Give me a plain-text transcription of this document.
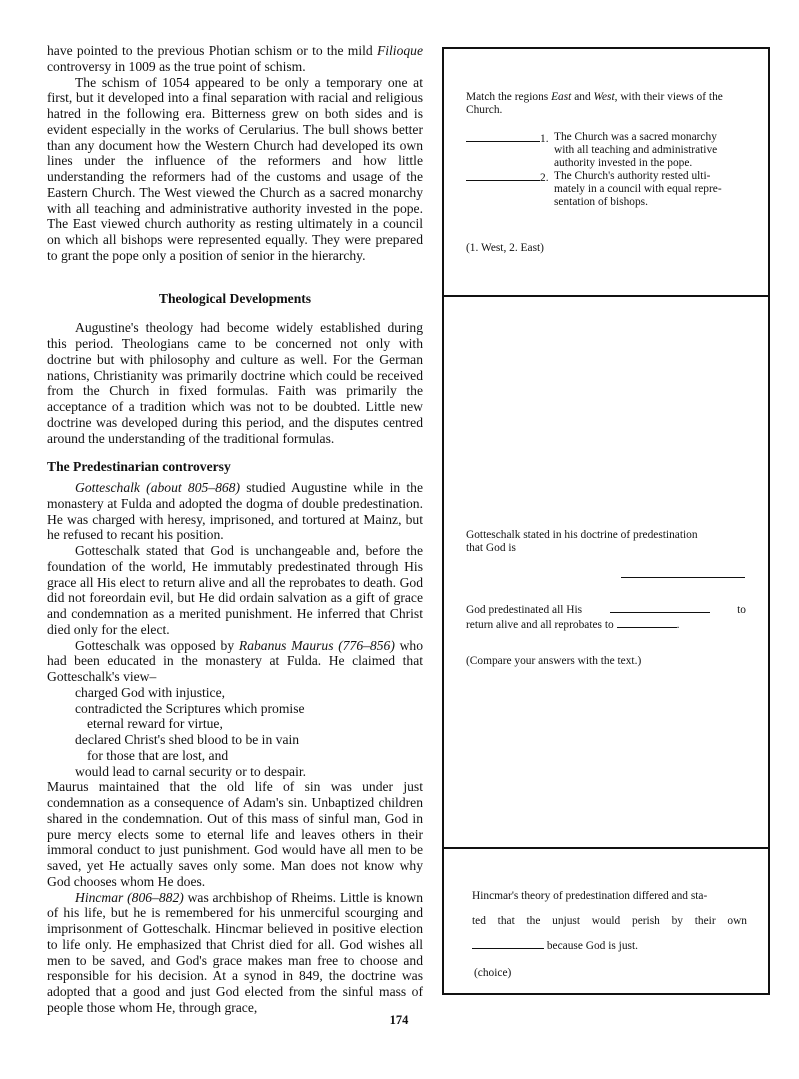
have pointed to the previous Photian schism or to the mild Filioque controversy in 1009 as the true point of schism.

The schism of 1054 appeared to be only a temporary one at first, but it developed into a final separation with racial and religious hatred in the following era. Bitterness grew on both sides and is evident especially in the works of Cerularius. The bull shows better than any document how the Western Church had developed its own lines under the influence of the reformers and how little understanding the reformers had of the customs and usage of the Eastern Church. The West viewed the Church as a sacred monarchy with all teaching and administrative authority invested in the pope. The East viewed church authority as resting ultimately in a council on which all bishops were represented equally. They were prepared to grant the pope only a position of senior in the hierarchy.

Theological Developments

Augustine's theology had become widely established during this period. Theologians came to be concerned not only with doctrine but with philosophy and culture as well. For the German nations, Christianity was primarily doctrine which could be received from the Church in fixed formulas. Faith was primarily the acceptance of a tradition which was not to be doubted. Little new doctrine was developed during this period, and the disputes centred around the understanding of the traditional formulas.

The Predestinarian controversy

Gotteschalk (about 805–868) studied Augustine while in the monastery at Fulda and adopted the dogma of double predestination. He was charged with heresy, imprisoned, and tortured at Mainz, but he refused to recant his position.

Gotteschalk stated that God is unchangeable and, before the foundation of the world, He immutably predestinated through His grace all His elect to return alive and all the reprobates to death. God did not foreordain evil, but He did ordain salvation as a gift of grace and condemnation as a merited punishment. He inferred that Christ died only for the elect.

Gotteschalk was opposed by Rabanus Maurus (776–856) who had been educated in the monastery at Fulda. He claimed that Gotteschalk's view–

charged God with injustice,
contradicted the Scriptures which promise
eternal reward for virtue,
declared Christ's shed blood to be in vain
for those that are lost, and
would lead to carnal security or to despair.

Maurus maintained that the old life of sin was under just condemnation as a consequence of Adam's sin. Unbaptized children shared in the condemnation. Out of this mass of sinful man, God in pure mercy elects some to eternal life and leaves others in their immoral conduct to just punishment. God would have all men to be saved, yet He actually saves only some. Man does not know why God chooses whom He does.

Hincmar (806–882) was archbishop of Rheims. Little is known of his life, but he is remembered for his unmerciful scourging and imprisonment of Gotteschalk. Hincmar believed in positive election to life only. He emphasized that Christ died for all. God wishes all men to be saved, and God's grace makes man free to choose and responsible for his decision. At a synod in 849, the doctrine was adopted that a good and just God elected from the sinful mass of people those whom He, through grace,

Match the regions East and West, with their views of the Church.
1. The Church was a sacred monarchy
with all teaching and administrative
authority invested in the pope.
2. The Church's authority rested ulti-
mately in a council with equal repre-
sentation of bishops.
(1. West, 2. East)
Gotteschalk stated in his doctrine of predestination
that God is
God predestinated all His	to
return alive and all reprobates to	.
(Compare your answers with the text.)
Hincmar's theory of predestination differed and sta-
ted that the unjust would perish by their own
because God is just.
(choice)
174
